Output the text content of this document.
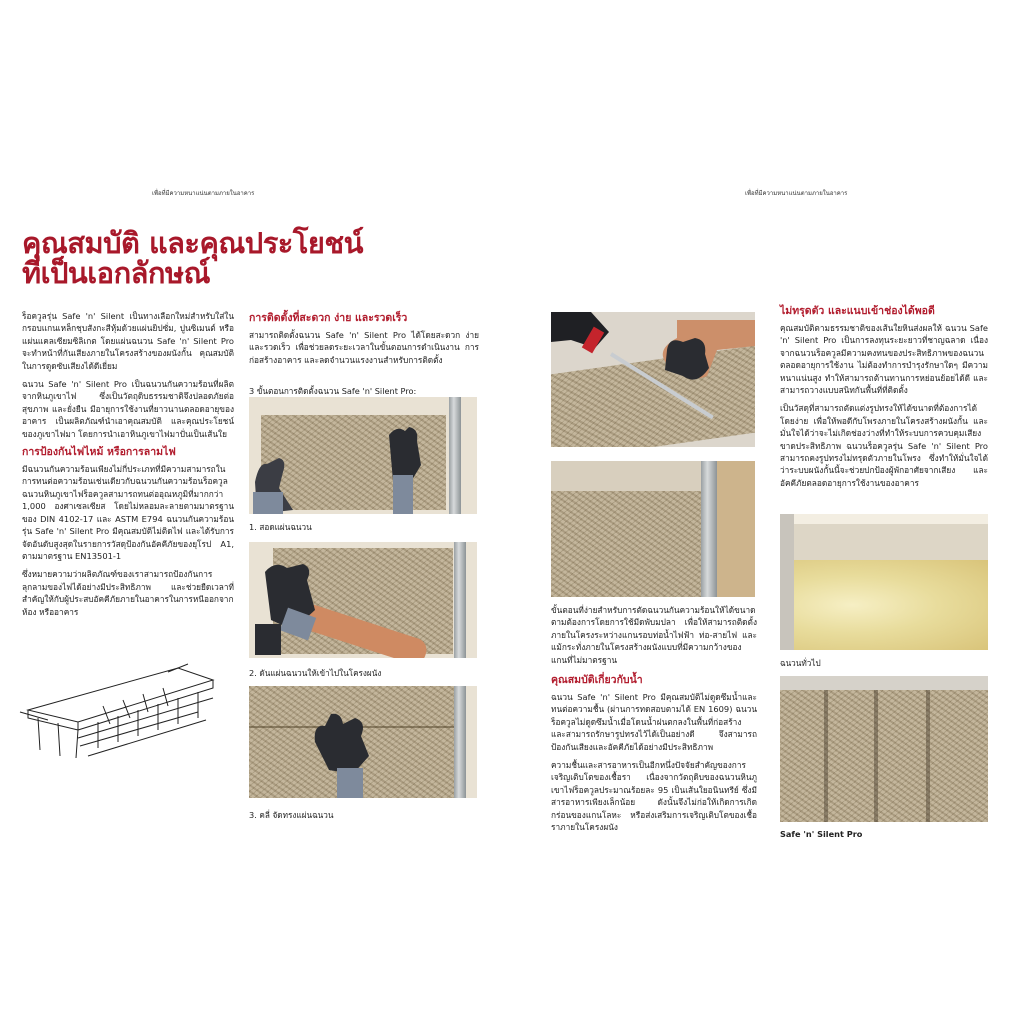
เพื่อที่มีความหนาแน่นตามภายในอาคาร	เพื่อที่มีความหนาแน่นตามภายในอาคาร
คุณสมบัติ และคุณประโยชน์
ที่เป็นเอกลักษณ์

ร็อควูลรุ่น Safe 'n' Silent เป็นทางเลือกใหม่สำหรับใส่ในกรอบแกนเหล็กชุบสังกะสีหุ้มด้วยแผ่นยิปซั่ม, ปูนซิเมนต์ หรือ แผ่นแคลเซียมซิลิเกต โดยแผ่นฉนวน Safe 'n' Silent Pro จะทำหน้าที่กันเสียงภายในโครงสร้างของผนังกั้น คุณสมบัติในการดูดซับเสียงได้ดีเยี่ยม

ฉนวน Safe 'n' Silent Pro เป็นฉนวนกันความร้อนที่ผลิตจากหินภูเขาไฟ ซึ่งเป็นวัตถุดิบธรรมชาติจึงปลอดภัยต่อสุขภาพ และยั่งยืน มีอายุการใช้งานที่ยาวนานตลอดอายุของอาคาร เป็นผลิตภัณฑ์นำเอาคุณสมบัติ และคุณประโยชน์ของภูเขาไฟมา โดยการนำเอาหินภูเขาไฟมาปั่นเป็นเส้นใย

การป้องกันไฟไหม้ หรือการลามไฟ

มีฉนวนกันความร้อนเพียงไม่กี่ประเภทที่มีความสามารถในการทนต่อความร้อนเช่นเดียวกับฉนวนกันความร้อนร็อควูล ฉนวนหินภูเขาไฟร็อควูลสามารถทนต่ออุณหภูมิที่มากกว่า 1,000 องศาเซลเซียส โดยไม่หลอมละลายตามมาตรฐานของ DIN 4102-17 และ ASTM E794 ฉนวนกันความร้อนรุ่น Safe 'n' Silent Pro มีคุณสมบัติไม่ติดไฟ และได้รับการจัดอันดับสูงสุดในรายการวัสดุป้องกันอัคคีภัยของยุโรป A1, ตามมาตรฐาน EN13501-1

ซึ่งหมายความว่าผลิตภัณฑ์ของเราสามารถป้องกันการลุกลามของไฟได้อย่างมีประสิทธิภาพ และช่วยยืดเวลาที่สำคัญให้กับผู้ประสบอัคคีภัยภายในอาคารในการหนีออกจากห้อง หรืออาคาร

การติดตั้งที่สะดวก ง่าย และรวดเร็ว

สามารถติดตั้งฉนวน Safe 'n' Silent Pro ได้โดยสะดวก ง่าย และรวดเร็ว เพื่อช่วยลดระยะเวลาในขั้นตอนการดำเนินงาน การก่อสร้างอาคาร และลดจำนวนแรงงานสำหรับการติดตั้ง

3 ขั้นตอนการติดตั้งฉนวน Safe 'n' Silent Pro:
1. สอดแผ่นฉนวน
2. ดันแผ่นฉนวนให้เข้าไปในโครงผนัง
3. คลี่ จัดทรงแผ่นฉนวน

ขั้นตอนที่ง่ายสำหรับการตัดฉนวนกันความร้อนให้ได้ขนาดตามต้องการโดยการใช้มีดพับมปลา เพื่อให้สามารถติดตั้งภายในโครงระหว่างแกนรอบท่อน้ำไฟฟ้า ท่อ-สายไฟ และแม้กระทั่งภายในโครงสร้างผนังแบบที่มีความกว้างของแกนที่ไม่มาตรฐาน

คุณสมบัติเกี่ยวกับน้ำ

ฉนวน Safe 'n' Silent Pro มีคุณสมบัติไม่ดูดซึมน้ำและทนต่อความชื้น (ผ่านการทดสอบตามได้ EN 1609) ฉนวนร็อควูลไม่ดูดซึมน้ำเมื่อโดนน้ำฝนตกลงในพื้นที่ก่อสร้าง และสามารถรักษารูปทรงไว้ได้เป็นอย่างดี จึงสามารถป้องกันเสียงและอัคคีภัยได้อย่างมีประสิทธิภาพ

ความชื้นและสารอาหารเป็นอีกหนึ่งปัจจัยสำคัญของการเจริญเติบโตของเชื้อรา เนื่องจากวัตถุดิบของฉนวนหินภูเขาไฟร็อควูลประมาณร้อยละ 95 เป็นเส้นใยอนินทรีย์ ซึ่งมีสารอาหารเพียงเล็กน้อย ดังนั้นจึงไม่ก่อให้เกิดการเกิดกร่อนของแกนโลหะ หรือส่งเสริมการเจริญเติบโตของเชื้อราภายในโครงผนัง

ไม่ทรุดตัว และแนบเข้าช่องได้พอดี

คุณสมบัติตามธรรมชาติของเส้นใยหินส่งผลให้ ฉนวน Safe 'n' Silent Pro เป็นการลงทุนระยะยาวที่ชาญฉลาด เนื่องจากฉนวนร็อควูลมีความคงทนของประสิทธิภาพของฉนวนตลอดอายุการใช้งาน ไม่ต้องทำการบำรุงรักษาใดๆ มีความหนาแน่นสูง ทำให้สามารถต้านทานการหย่อนย้อยได้ดี และสามารถวางแบบสนิทกันพื้นที่ที่ติดตั้ง

เป็นวัสดุที่สามารถตัดแต่งรูปทรงให้ได้ขนาดที่ต้องการได้โดยง่าย เพื่อให้พอดีกับโพรงภายในโครงสร้างผนังกั้น และมั่นใจได้ว่าจะไม่เกิดช่องว่างที่ทำให้ระบบการควบคุมเสียงขาดประสิทธิภาพ ฉนวนร็อควูลรุ่น Safe 'n' Silent Pro สามารถคงรูปทรงไม่ทรุดตัวภายในโพรง ซึ่งทำให้มั่นใจได้ว่าระบบผนังกั้นนี้จะช่วยปกป้องผู้พักอาศัยจากเสียง และอัคคีภัยตลอดอายุการใช้งานของอาคาร

ฉนวนทั่วไป
Safe 'n' Silent Pro
